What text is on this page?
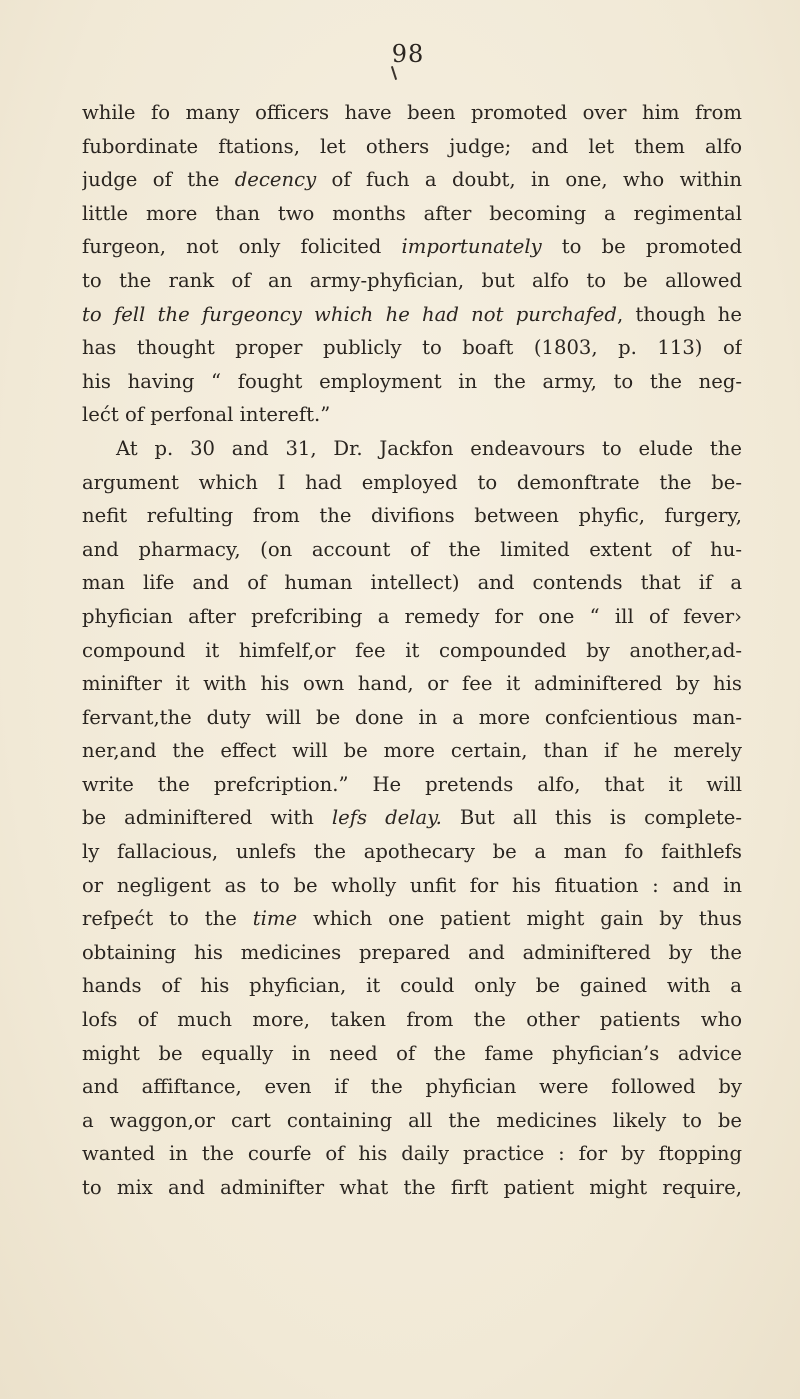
98
while fo many officers have been promoted over him from
fubordinate ftations, let others judge; and let them alfo
judge of the decency of fuch a doubt, in one, who within
little more than two months after becoming a regimental
furgeon, not only folicited importunately to be promoted
to the rank of an army-phyfician, but alfo to be allowed
to fell the furgeoncy which he had not purchafed, though he
has thought proper publicly to boaft (1803, p. 113) of
his having “ fought employment in the army, to the neg-
lećt of perfonal intereft.”
At p. 30 and 31, Dr. Jackfon endeavours to elude the
argument which I had employed to demonftrate the be-
nefit refulting from the divifions between phyfic, furgery,
and pharmacy, (on account of the limited extent of hu-
man life and of human intellect) and contends that if a
phyfician after prefcribing a remedy for one “ ill of fever›
compound it himfelf,or fee it compounded by another,ad-
minifter it with his own hand, or fee it adminiftered by his
fervant,the duty will be done in a more confcientious man-
ner,and the effect will be more certain, than if he merely
write the prefcription.” He pretends alfo, that it will
be adminiftered with lefs delay. But all this is complete-
ly fallacious, unlefs the apothecary be a man fo faithlefs
or negligent as to be wholly unfit for his fituation : and in
refpećt to the time which one patient might gain by thus
obtaining his medicines prepared and adminiftered by the
hands of his phyfician, it could only be gained with a
lofs of much more, taken from the other patients who
might be equally in need of the fame phyfician’s advice
and affiftance, even if the phyfician were followed by
a waggon,or cart containing all the medicines likely to be
wanted in the courfe of his daily practice : for by ftopping
to mix and adminifter what the firft patient might require,
